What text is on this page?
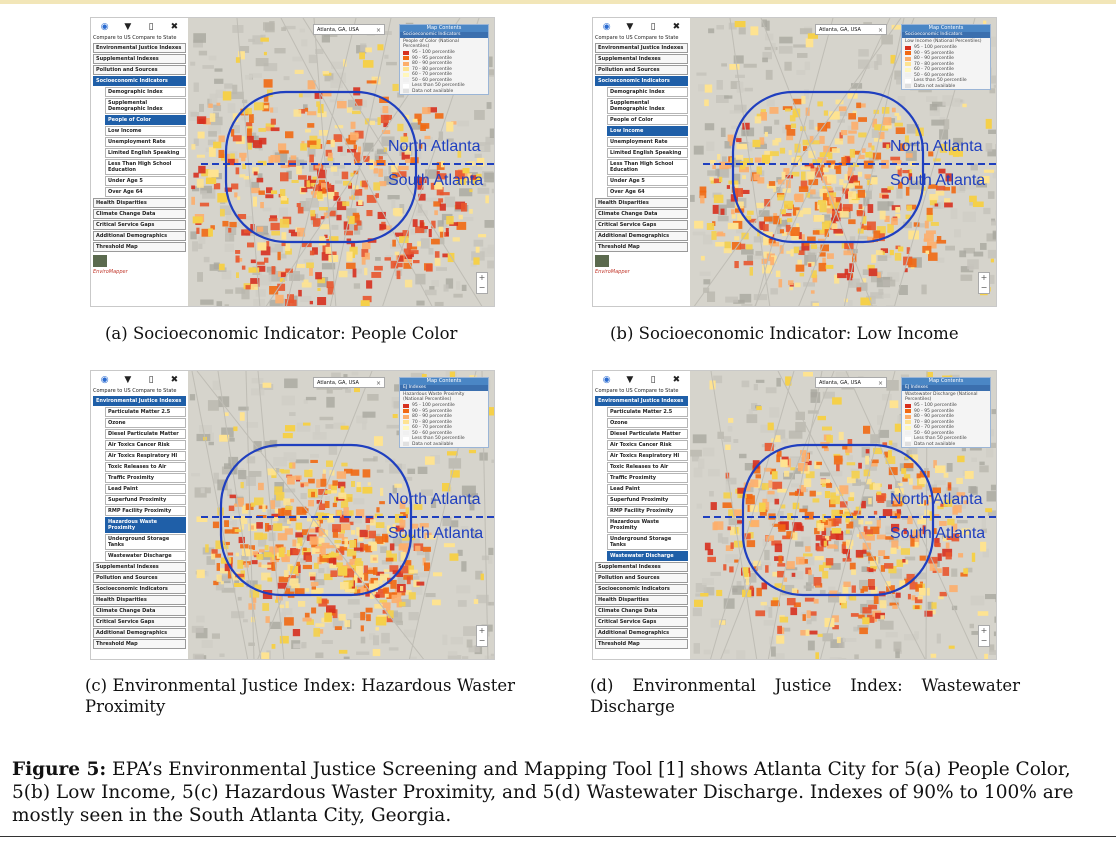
◉ ▼	▯	✖
Compare to US Compare to State
Environmental Justice Indexes
Supplemental Indexes
Pollution and Sources
Socioeconomic Indicators
Demographic Index
Supplemental Demographic Index
People of Color
Low Income
Unemployment Rate
Limited English Speaking
Less Than High School Education
Under Age 5
Over Age 64
Health Disparities
Climate Change Data
Critical Service Gaps
Additional Demographics
Threshold Map
EnviroMapper
Atlanta, GA, USA	×	Map Contents
Socioeconomic Indicators
People of Color (National Percentiles)
95 - 100 percentile
90 - 95 percentile
80 - 90 percentile
70 - 80 percentile
60 - 70 percentile
50 - 60 percentile
Less than 50 percentile
Data not available
+
−
North Atlanta
South Atlanta
(a) Socioeconomic Indicator: People Color
◉ ▼	▯	✖
Compare to US Compare to State
Environmental Justice Indexes
Supplemental Indexes
Pollution and Sources
Socioeconomic Indicators
Demographic Index
Supplemental Demographic Index
People of Color
Low Income
Unemployment Rate
Limited English Speaking
Less Than High School Education
Under Age 5
Over Age 64
Health Disparities
Climate Change Data
Critical Service Gaps
Additional Demographics
Threshold Map
EnviroMapper
Atlanta, GA, USA	×	Map Contents
Socioeconomic Indicators
Low Income (National Percentiles)
95 - 100 percentile
90 - 95 percentile
80 - 90 percentile
70 - 80 percentile
60 - 70 percentile
50 - 60 percentile
Less than 50 percentile
Data not available
+
−
North Atlanta
South Atlanta
(b) Socioeconomic Indicator: Low Income
◉ ▼	▯	✖
Compare to US Compare to State
Environmental Justice Indexes
Particulate Matter 2.5
Ozone
Diesel Particulate Matter
Air Toxics Cancer Risk
Air Toxics Respiratory HI
Toxic Releases to Air
Traffic Proximity
Lead Paint
Superfund Proximity
RMP Facility Proximity
Hazardous Waste Proximity
Underground Storage Tanks
Wastewater Discharge
Supplemental Indexes
Pollution and Sources
Socioeconomic Indicators
Health Disparities
Climate Change Data
Critical Service Gaps
Additional Demographics
Threshold Map
Atlanta, GA, USA	×	Map Contents
EJ Indexes
Hazardous Waste Proximity (National Percentiles)
95 - 100 percentile
90 - 95 percentile
80 - 90 percentile
70 - 80 percentile
60 - 70 percentile
50 - 60 percentile
Less than 50 percentile
Data not available
+
−
North Atlanta
South Atlanta
(c) Environmental Justice Index: Hazardous Waster Proximity
◉ ▼	▯	✖
Compare to US Compare to State
Environmental Justice Indexes
Particulate Matter 2.5
Ozone
Diesel Particulate Matter
Air Toxics Cancer Risk
Air Toxics Respiratory HI
Toxic Releases to Air
Traffic Proximity
Lead Paint
Superfund Proximity
RMP Facility Proximity
Hazardous Waste Proximity
Underground Storage Tanks
Wastewater Discharge
Supplemental Indexes
Pollution and Sources
Socioeconomic Indicators
Health Disparities
Climate Change Data
Critical Service Gaps
Additional Demographics
Threshold Map
Atlanta, GA, USA	×	Map Contents
EJ Indexes
Wastewater Discharge (National Percentiles)
95 - 100 percentile
90 - 95 percentile
80 - 90 percentile
70 - 80 percentile
60 - 70 percentile
50 - 60 percentile
Less than 50 percentile
Data not available
+
−
North Atlanta
South Atlanta
(d) Environmental Justice Index: Wastewater Discharge
Figure 5: EPA’s Environmental Justice Screening and Mapping Tool [1] shows Atlanta City for 5(a) People Color, 5(b) Low Income, 5(c) Hazardous Waster Proximity, and 5(d) Wastewater Discharge. Indexes of 90% to 100% are mostly seen in the South Atlanta City, Georgia.
